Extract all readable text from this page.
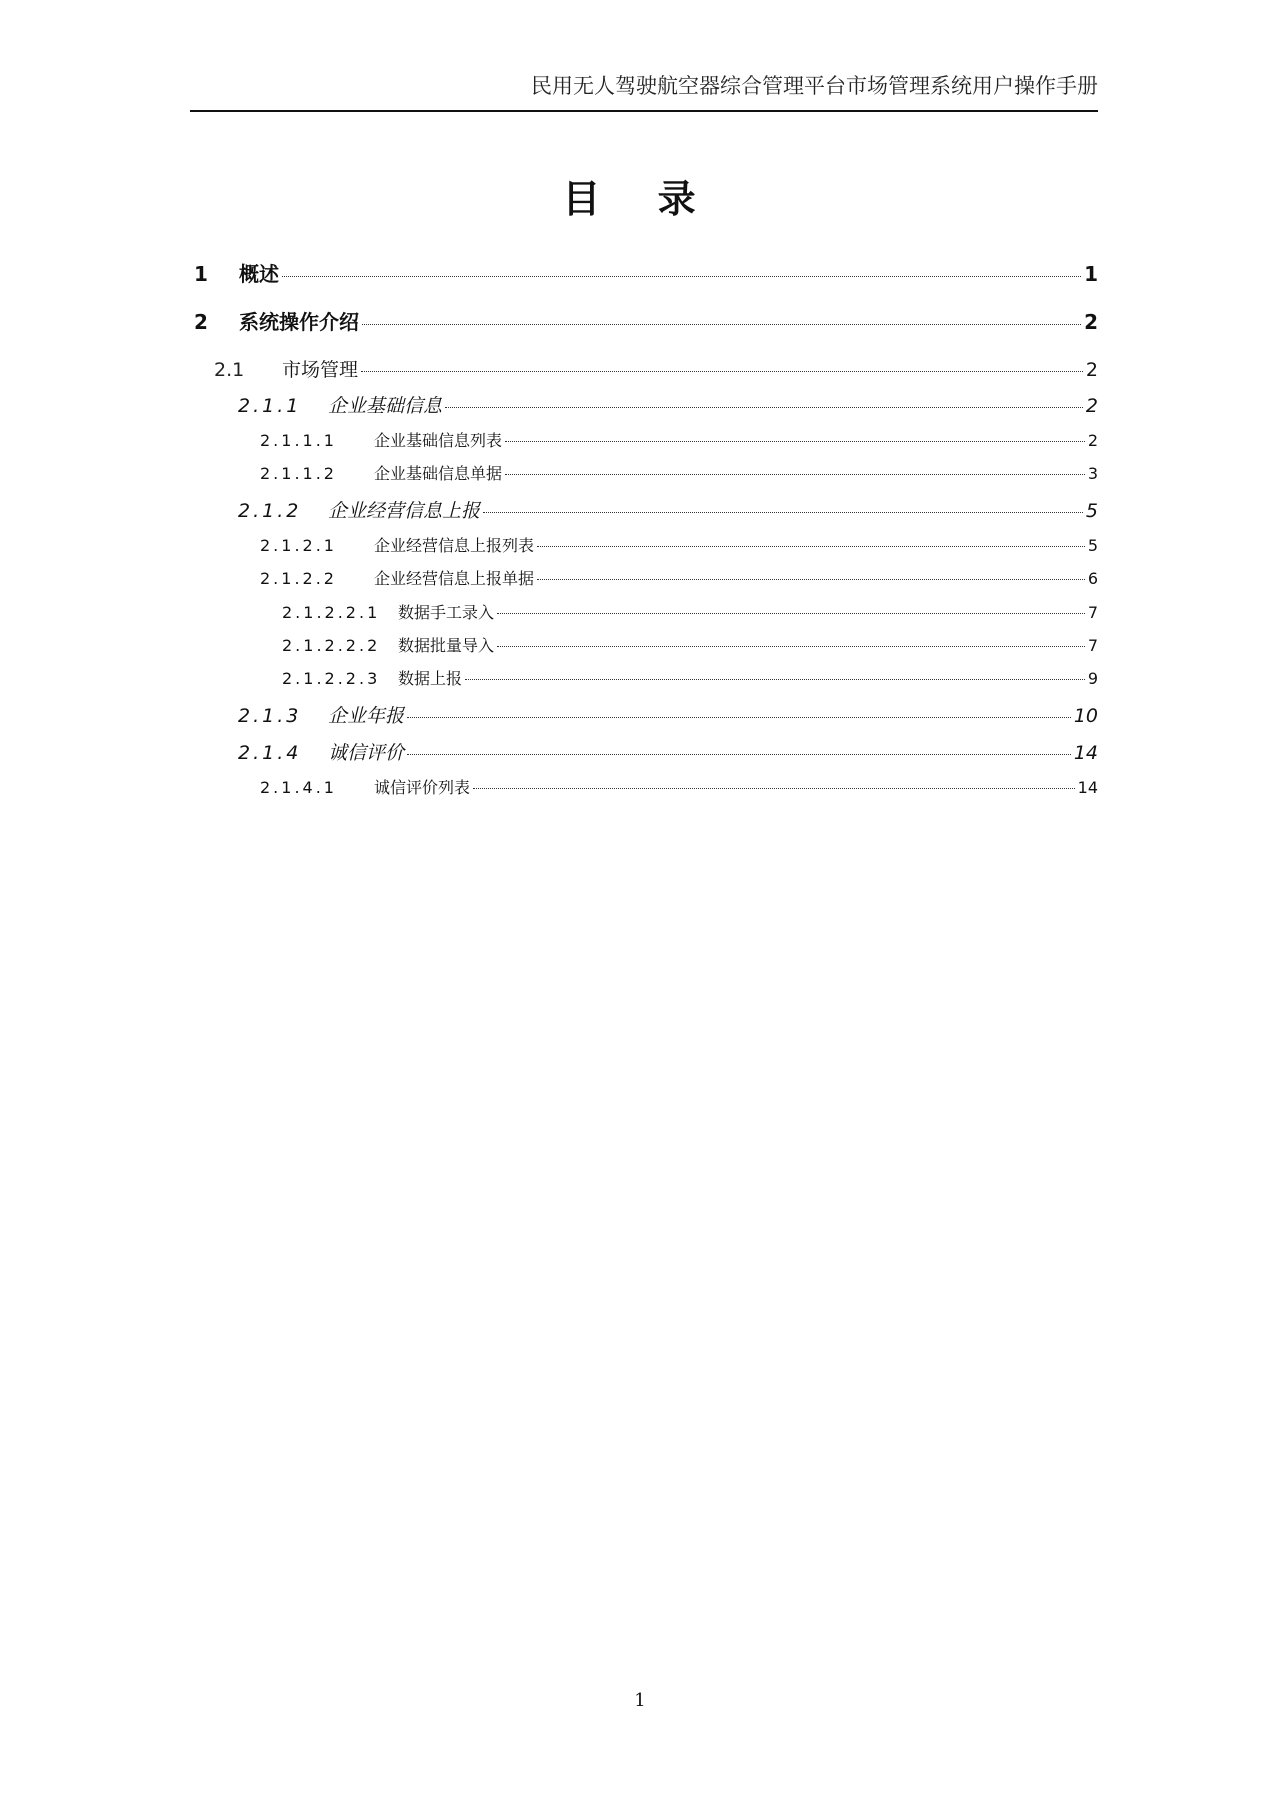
民用无人驾驶航空器综合管理平台市场管理系统用户操作手册
目 录
1	概述	1
2	系统操作介绍	2
2.1	市场管理	2
2.1.1	企业基础信息	2
2.1.1.1	企业基础信息列表	2
2.1.1.2	企业基础信息单据	3
2.1.2	企业经营信息上报	5
2.1.2.1	企业经营信息上报列表	5
2.1.2.2	企业经营信息上报单据	6
2.1.2.2.1	数据手工录入	7
2.1.2.2.2	数据批量导入	7
2.1.2.2.3	数据上报	9
2.1.3	企业年报	10
2.1.4	诚信评价	14
2.1.4.1	诚信评价列表	14
1
